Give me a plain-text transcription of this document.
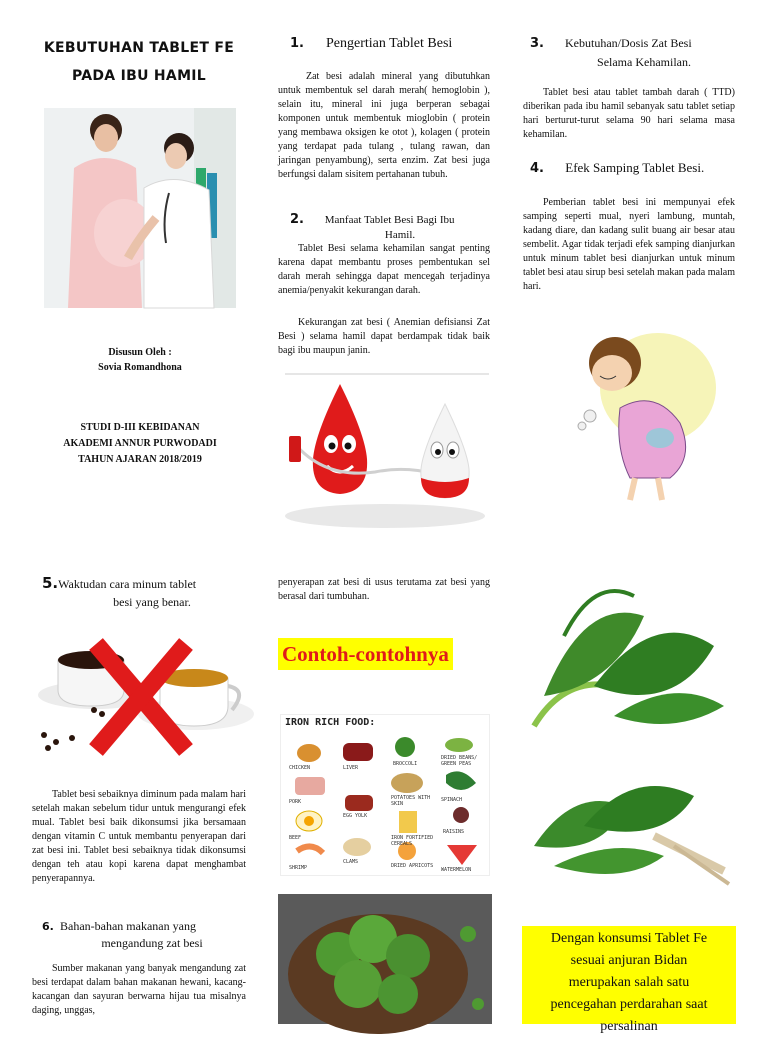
KEBUTUHAN TABLET FE
PADA IBU HAMIL
Disusun Oleh :
Sovia Romandhona
STUDI D-III KEBIDANAN
AKADEMI ANNUR PURWODADI
TAHUN AJARAN 2018/2019
1. Pengertian Tablet Besi
Zat besi adalah mineral yang dibutuhkan untuk membentuk sel darah merah( hemoglobin ), selain itu, mineral ini juga berperan sebagai komponen untuk membentuk mioglobin ( protein yang membawa oksigen ke otot ), kolagen ( protein yang terdapat pada tulang , tulang rawan, dan jaringan penyambung), serta enzim. Zat besi juga berfungsi dalam sisitem pertahanan tubuh.
2. Manfaat Tablet Besi Bagi Ibu
Hamil.
Tablet Besi selama kehamilan sangat penting karena dapat membantu proses pembentukan sel darah merah sehingga dapat mencegah terjadinya anemia/penyakit kekurangan darah.
Kekurangan zat besi ( Anemian defisiansi Zat Besi ) selama hamil dapat berdampak tidak baik bagi ibu maupun janin.
3. Kebutuhan/Dosis Zat Besi
Selama Kehamilan.
Tablet besi atau tablet tambah darah ( TTD) diberikan pada ibu hamil sebanyak satu tablet setiap hari berturut-turut selama 90 hari selama masa kehamilan.
4. Efek Samping Tablet Besi.
Pemberian tablet besi ini mempunyai efek samping seperti mual, nyeri lambung, muntah, kadang diare, dan kadang sulit buang air besar atau sembelit. Agar tidak terjadi efek samping dianjurkan untuk minum tablet besi dianjurkan untuk minum tablet besi atau sirup besi setelah makan pada malam hari.
5.Waktudan cara minum tablet
besi yang benar.
Tablet besi sebaiknya diminum pada malam hari setelah makan sebelum tidur untuk mengurangi efek mual. Tablet besi baik dikonsumsi jika bersamaan dengan vitamin C untuk membantu penyerapan dari zat besi ini. Tablet besi sebaiknya tidak dikonsumsi dengan teh atau kopi karena dapat menghambat penyerapannya.
6. Bahan-bahan makanan yang
mengandung zat besi
Sumber makanan yang banyak mengandung zat besi terdapat dalam bahan makanan hewani, kacang-kacangan dan sayuran berwarna hijau tua misalnya daging, unggas,
penyerapan zat besi di usus terutama zat besi yang berasal dari tumbuhan.
Contoh-contohnya
IRON RICH FOOD:
CHICKEN	LIVER
BROCCOLI
DRIED BEANS/ GREEN PEAS
PORK
POTATOES WITH SKIN
SPINACH
EGG YOLK
BEEF	IRON FORTIFIED CEREALS
RAISINS
SHRIMP
CLAMS
DRIED APRICOTS
WATERMELON
Dengan konsumsi Tablet Fe
sesuai anjuran Bidan
merupakan salah satu
pencegahan perdarahan saat
persalinan
